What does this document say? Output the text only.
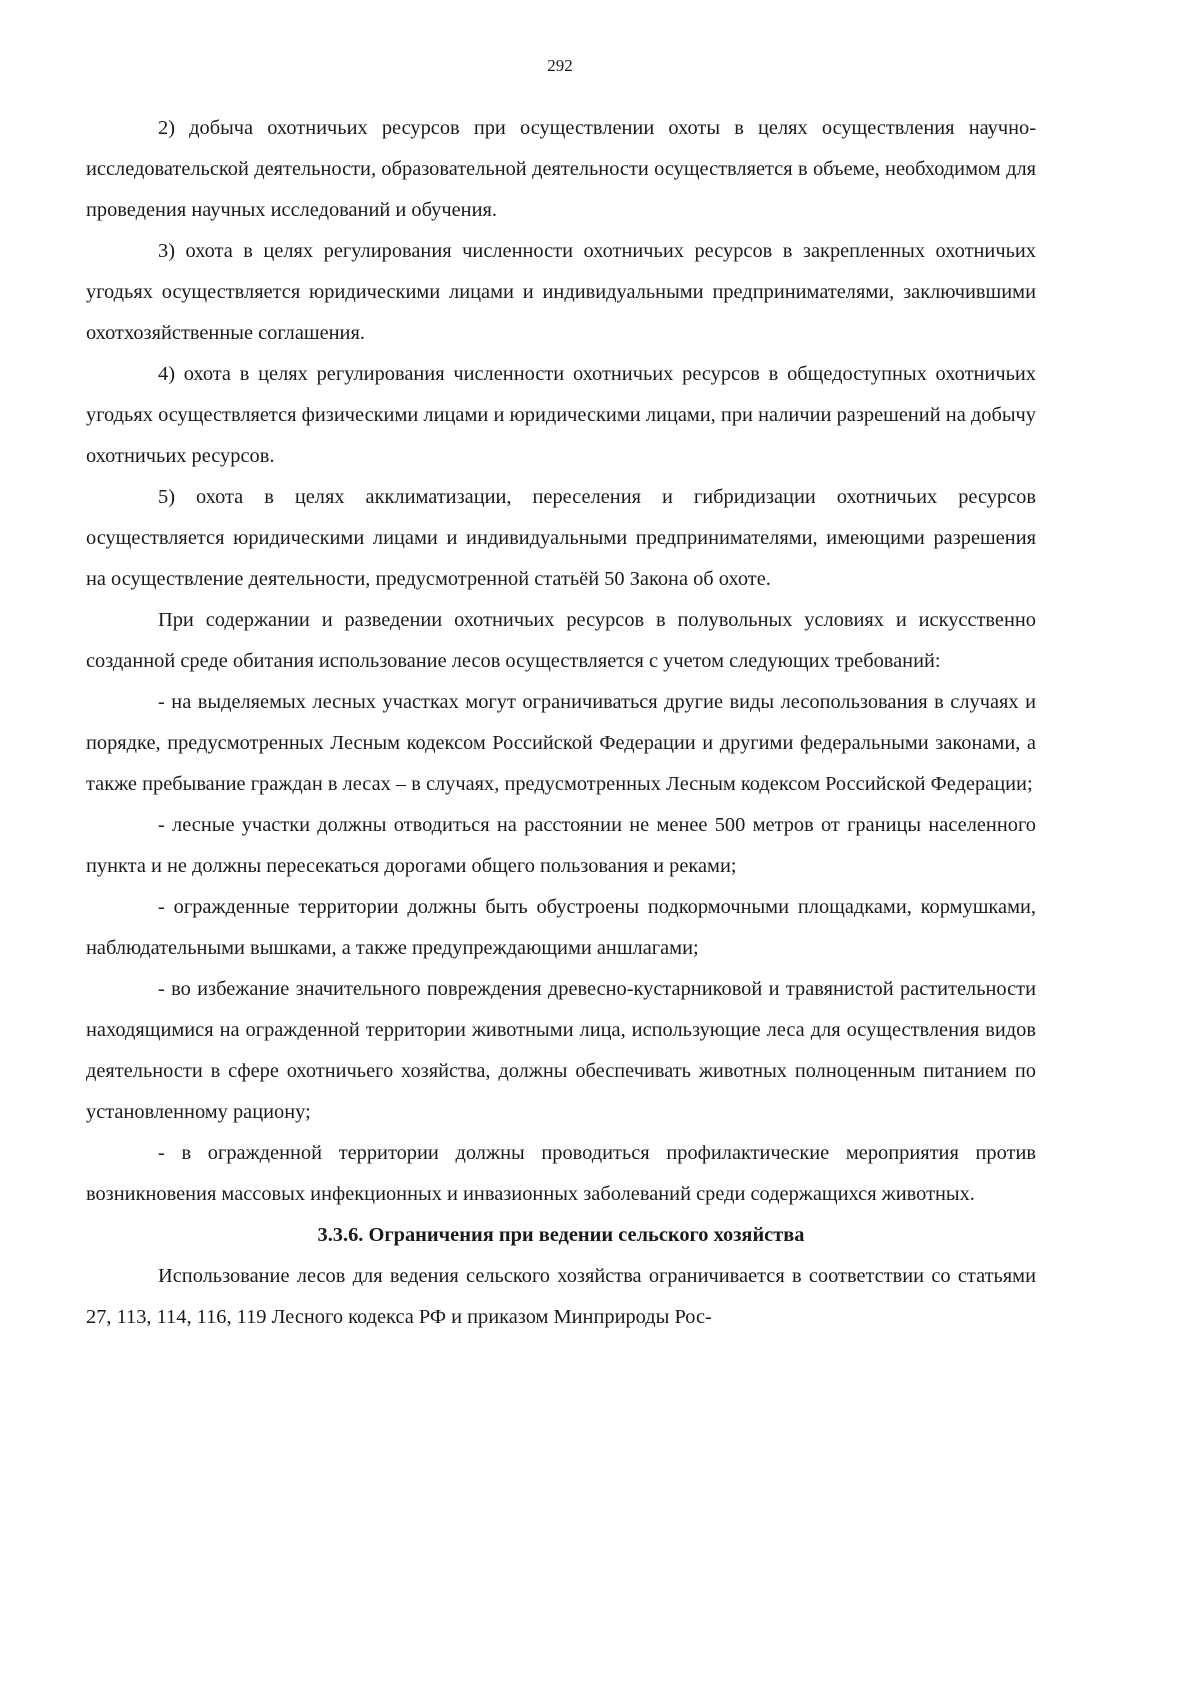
292

2) добыча охотничьих ресурсов при осуществлении охоты в целях осуществления научно-исследовательской деятельности, образовательной деятельности осуществляется в объеме, необходимом для проведения научных исследований и обучения.

3) охота в целях регулирования численности охотничьих ресурсов в закрепленных охотничьих угодьях осуществляется юридическими лицами и индивидуальными предпринимателями, заключившими охотхозяйственные соглашения.

4) охота в целях регулирования численности охотничьих ресурсов в общедоступных охотничьих угодьях осуществляется физическими лицами и юридическими лицами, при наличии разрешений на добычу охотничьих ресурсов.

5) охота в целях акклиматизации, переселения и гибридизации охотничьих ресурсов осуществляется юридическими лицами и индивидуальными предпринимателями, имеющими разрешения на осуществление деятельности, предусмотренной статьёй 50 Закона об охоте.

При содержании и разведении охотничьих ресурсов в полувольных условиях и искусственно созданной среде обитания использование лесов осуществляется с учетом следующих требований:

- на выделяемых лесных участках могут ограничиваться другие виды лесопользования в случаях и порядке, предусмотренных Лесным кодексом Российской Федерации и другими федеральными законами, а также пребывание граждан в лесах – в случаях, предусмотренных Лесным кодексом Российской Федерации;

- лесные участки должны отводиться на расстоянии не менее 500 метров от границы населенного пункта и не должны пересекаться дорогами общего пользования и реками;

- огражденные территории должны быть обустроены подкормочными площадками, кормушками, наблюдательными вышками, а также предупреждающими аншлагами;

- во избежание значительного повреждения древесно-кустарниковой и травянистой растительности находящимися на огражденной территории животными лица, использующие леса для осуществления видов деятельности в сфере охотничьего хозяйства, должны обеспечивать животных полноценным питанием по установленному рациону;

- в огражденной территории должны проводиться профилактические мероприятия против возникновения массовых инфекционных и инвазионных заболеваний среди содержащихся животных.

3.3.6. Ограничения при ведении сельского хозяйства

Использование лесов для ведения сельского хозяйства ограничивается в соответствии со статьями 27, 113, 114, 116, 119 Лесного кодекса РФ и приказом Минприроды Рос-
